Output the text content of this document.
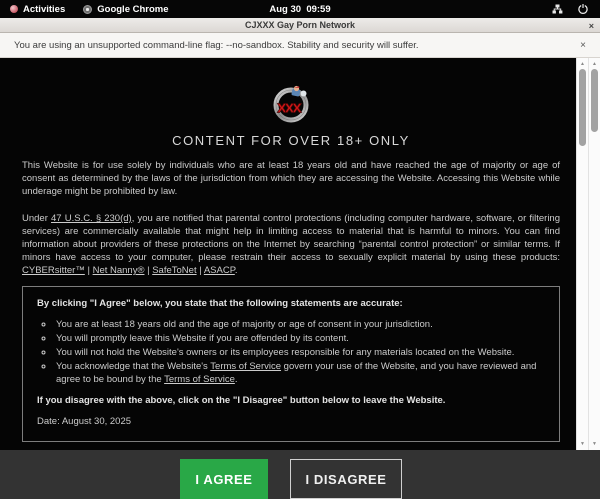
Activities	Google Chrome	Aug 30  09:59
CJXXX Gay Porn Network	×
You are using an unsupported command-line flag: --no-sandbox. Stability and security will suffer.	×
XXX
CONTENT FOR OVER 18+ ONLY

This Website is for use solely by individuals who are at least 18 years old and have reached the age of majority or age of consent as determined by the laws of the jurisdiction from which they are accessing the Website. Accessing this Website while underage might be prohibited by law.

Under 47 U.S.C. § 230(d), you are notified that parental control protections (including computer hardware, software, or filtering services) are commercially available that might help in limiting access to material that is harmful to minors. You can find information about providers of these protections on the Internet by searching “parental control protection” or similar terms. If minors have access to your computer, please restrain their access to sexually explicit material by using these products: CYBERsitter™ | Net Nanny® | SafeToNet | ASACP.

By clicking "I Agree" below, you state that the following statements are accurate:
◦ You are at least 18 years old and the age of majority or age of consent in your jurisdiction.
◦ You will promptly leave this Website if you are offended by its content.
◦ You will not hold the Website's owners or its employees responsible for any materials located on the Website.
◦ You acknowledge that the Website's Terms of Service govern your use of the Website, and you have reviewed and agree to be bound by the Terms of Service.
If you disagree with the above, click on the "I Disagree" button below to leave the Website.
Date: August 30, 2025
I AGREE	I DISAGREE
▲
▼
▲
▼
